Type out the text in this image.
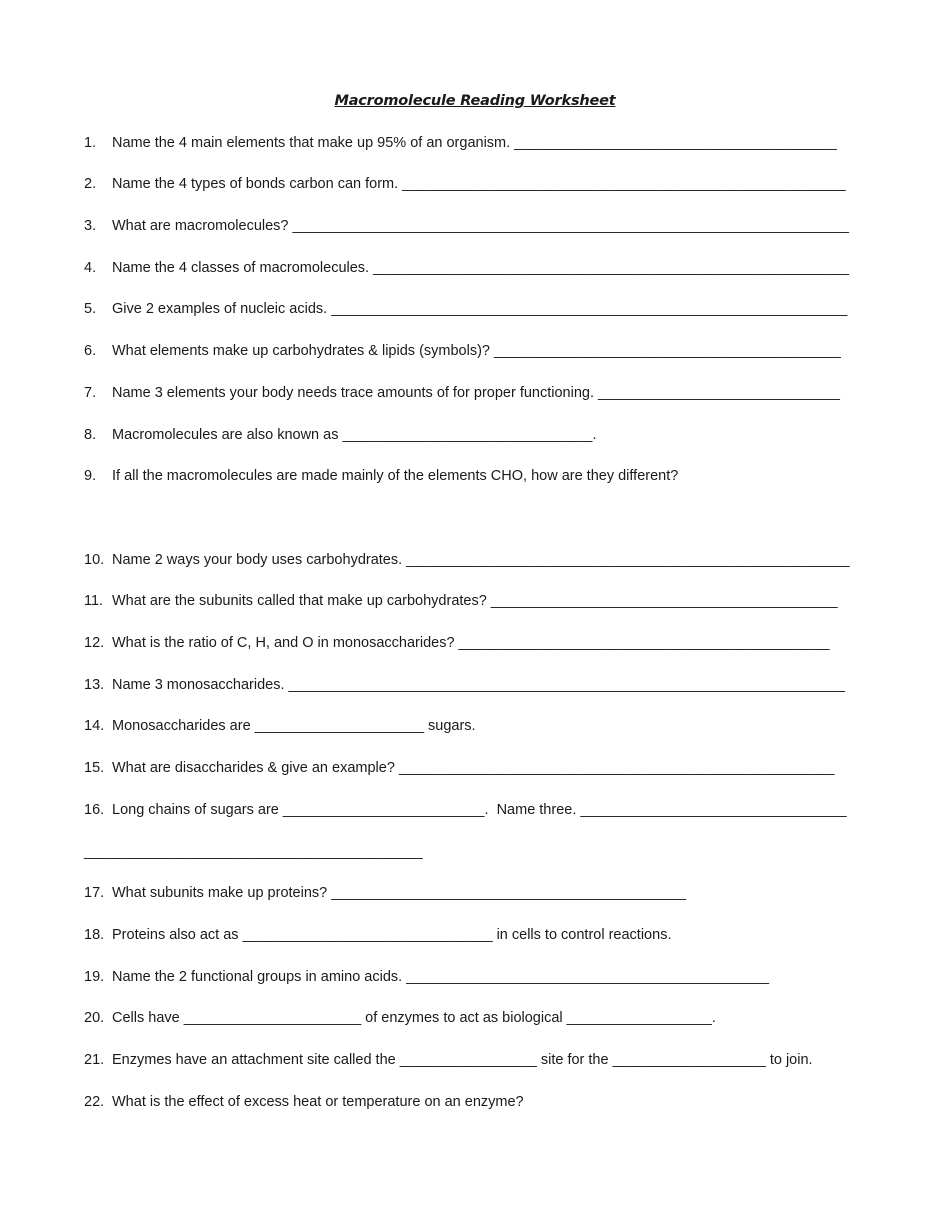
Macromolecule Reading Worksheet
1. Name the 4 main elements that make up 95% of an organism. ________________________________________
2. Name the 4 types of bonds carbon can form. _______________________________________________________
3. What are macromolecules? _____________________________________________________________________
4. Name the 4 classes of macromolecules. ___________________________________________________________
5. Give 2 examples of nucleic acids. ________________________________________________________________
6. What elements make up carbohydrates & lipids (symbols)? ___________________________________________
7. Name 3 elements your body needs trace amounts of for proper functioning. ______________________________
8. Macromolecules are also known as _______________________________.
9. If all the macromolecules are made mainly of the elements CHO, how are they different?
10. Name 2 ways your body uses carbohydrates. _______________________________________________________
11. What are the subunits called that make up carbohydrates? ___________________________________________
12. What is the ratio of C, H, and O in monosaccharides? ______________________________________________
13. Name 3 monosaccharides. _____________________________________________________________________
14. Monosaccharides are _____________________ sugars.
15. What are disaccharides & give an example? ______________________________________________________
16. Long chains of sugars are _________________________.  Name three. _________________________________
__________________________________________
17. What subunits make up proteins? ____________________________________________
18. Proteins also act as _______________________________ in cells to control reactions.
19. Name the 2 functional groups in amino acids. _____________________________________________
20. Cells have ______________________ of enzymes to act as biological __________________.
21. Enzymes have an attachment site called the _________________ site for the ___________________ to join.
22. What is the effect of excess heat or temperature on an enzyme?
